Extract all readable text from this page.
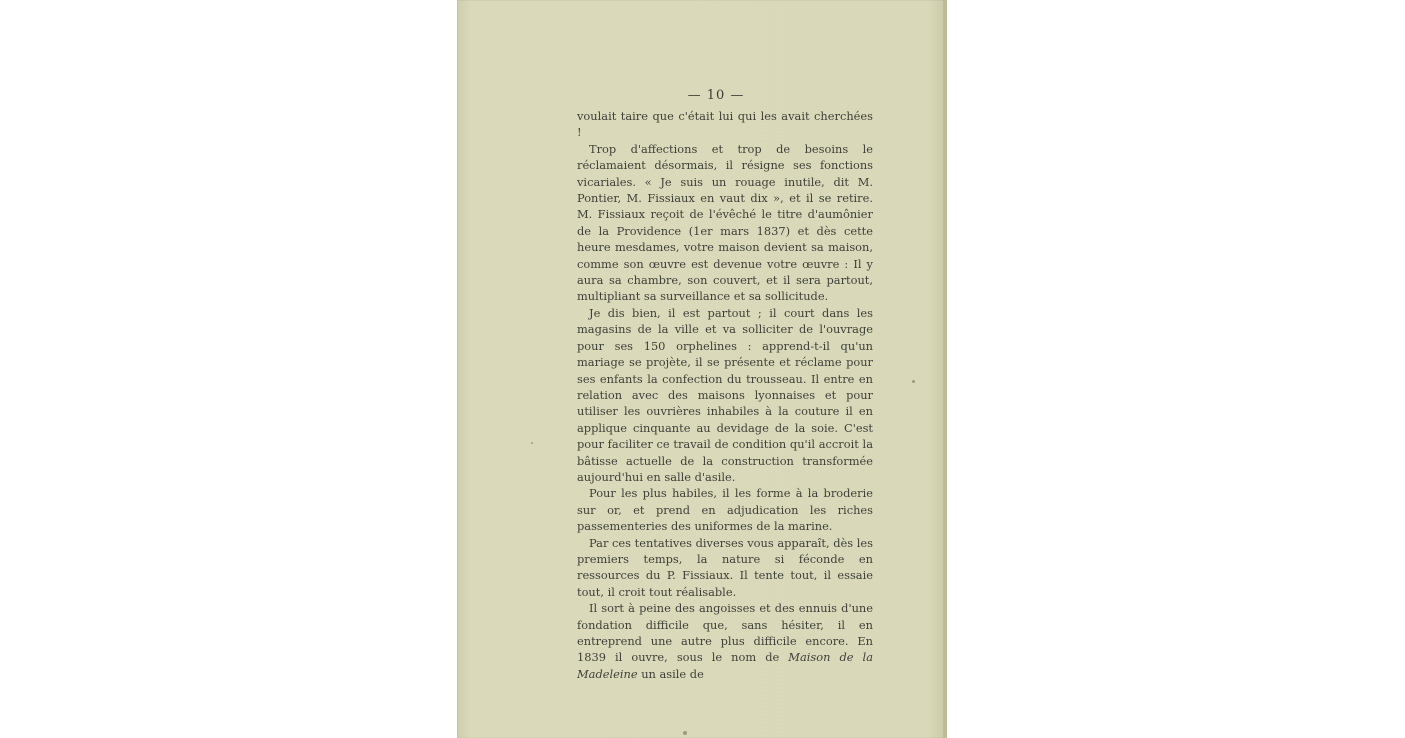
— 10 —

voulait taire que c'était lui qui les avait cherchées !

Trop d'affections et trop de besoins le réclamaient désormais, il résigne ses fonctions vicariales. « Je suis un rouage inutile, dit M. Pontier, M. Fissiaux en vaut dix », et il se retire. M. Fissiaux reçoit de l'évêché le titre d'aumônier de la Providence (1er mars 1837) et dès cette heure mesdames, votre maison devient sa maison, comme son œuvre est devenue votre œuvre : Il y aura sa chambre, son couvert, et il sera partout, multipliant sa surveillance et sa sollicitude.

Je dis bien, il est partout ; il court dans les magasins de la ville et va solliciter de l'ouvrage pour ses 150 orphelines : apprend-t-il qu'un mariage se projète, il se présente et réclame pour ses enfants la confection du trousseau. Il entre en relation avec des maisons lyonnaises et pour utiliser les ouvrières inhabiles à la couture il en applique cinquante au devidage de la soie. C'est pour faciliter ce travail de condition qu'il accroit la bâtisse actuelle de la construction transformée aujourd'hui en salle d'asile.

Pour les plus habiles, il les forme à la broderie sur or, et prend en adjudication les riches passementeries des uniformes de la marine.

Par ces tentatives diverses vous apparaît, dès les premiers temps, la nature si féconde en ressources du P. Fissiaux. Il tente tout, il essaie tout, il croit tout réalisable.

Il sort à peine des angoisses et des ennuis d'une fondation difficile que, sans hésiter, il en entreprend une autre plus difficile encore. En 1839 il ouvre, sous le nom de Maison de la Madeleine un asile de
